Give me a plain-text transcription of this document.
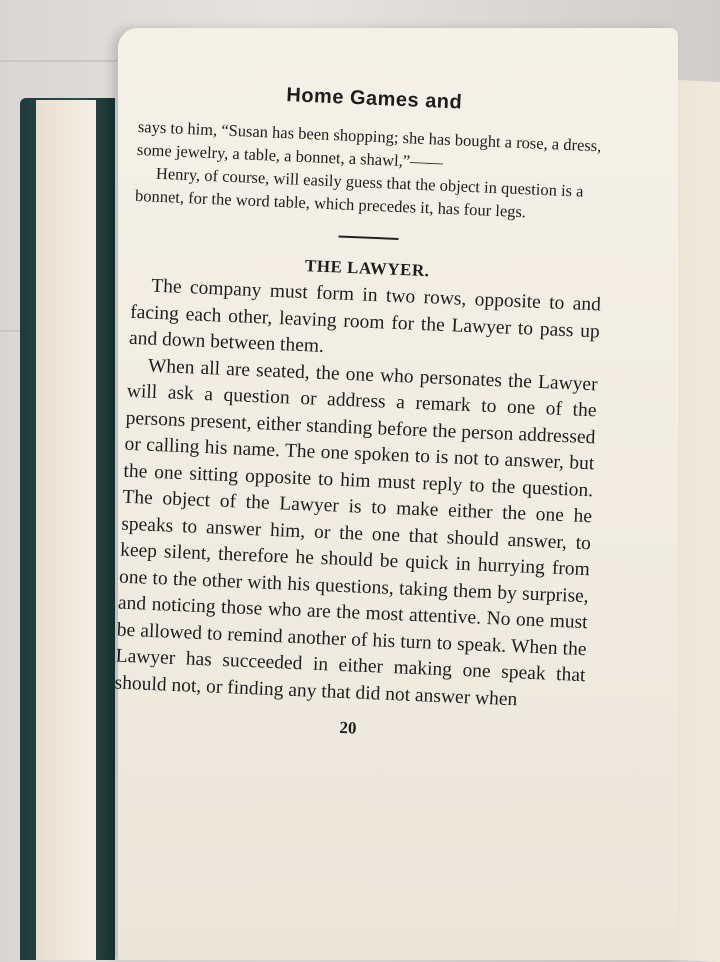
Home Games and

says to him, “Susan has been shopping; she has bought a rose, a dress, some jewelry, a table, a bonnet, a shawl,”——

Henry, of course, will easily guess that the object in question is a bonnet, for the word table, which precedes it, has four legs.

THE LAWYER.

The company must form in two rows, opposite to and facing each other, leaving room for the Lawyer to pass up and down between them.

When all are seated, the one who personates the Lawyer will ask a question or address a remark to one of the persons present, either standing before the person addressed or calling his name. The one spoken to is not to answer, but the one sitting opposite to him must reply to the question. The object of the Lawyer is to make either the one he speaks to answer him, or the one that should answer, to keep silent, therefore he should be quick in hurrying from one to the other with his questions, taking them by surprise, and noticing those who are the most attentive. No one must be allowed to remind another of his turn to speak. When the Lawyer has succeeded in either making one speak that should not, or finding any that did not answer when

20
